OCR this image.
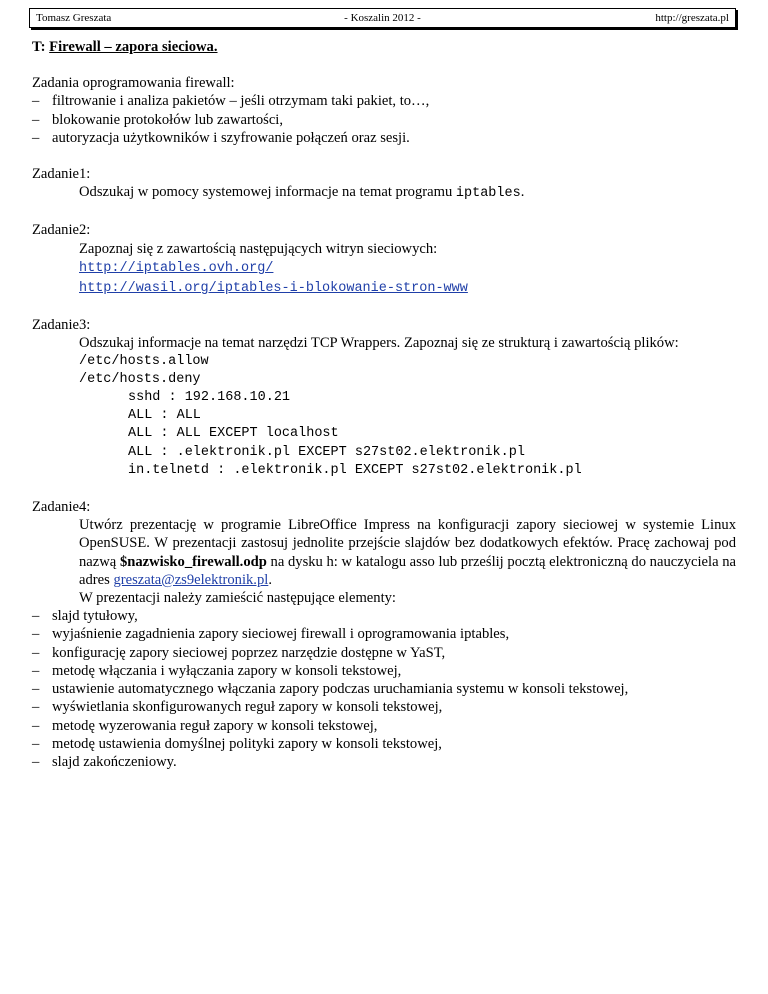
Tomasz Greszata	- Koszalin 2012 -	http://greszata.pl

T: Firewall – zapora sieciowa.

Zadania oprogramowania firewall:

– filtrowanie i analiza pakietów – jeśli otrzymam taki pakiet, to…,
– blokowanie protokołów lub zawartości,
– autoryzacja użytkowników i szyfrowanie połączeń oraz sesji.

Zadanie1:

Odszukaj w pomocy systemowej informacje na temat programu iptables.

Zadanie2:

Zapoznaj się z zawartością następujących witryn sieciowych:

http://iptables.ovh.org/

http://wasil.org/iptables-i-blokowanie-stron-www

Zadanie3:

Odszukaj informacje na temat narzędzi TCP Wrappers. Zapoznaj się ze strukturą i zawartością plików:

/etc/hosts.allow

/etc/hosts.deny

sshd : 192.168.10.21

ALL : ALL

ALL : ALL EXCEPT localhost

ALL : .elektronik.pl EXCEPT s27st02.elektronik.pl

in.telnetd : .elektronik.pl EXCEPT s27st02.elektronik.pl

Zadanie4:

Utwórz prezentację w programie LibreOffice Impress na konfiguracji zapory sieciowej w systemie Linux OpenSUSE. W prezentacji zastosuj jednolite przejście slajdów bez dodatkowych efektów. Pracę zachowaj pod nazwą $nazwisko_firewall.odp na dysku h: w katalogu asso lub prześlij pocztą elektroniczną do nauczyciela na adres greszata@zs9elektronik.pl.

W prezentacji należy zamieścić następujące elementy:

– slajd tytułowy,
– wyjaśnienie zagadnienia zapory sieciowej firewall i oprogramowania iptables,
– konfigurację zapory sieciowej poprzez narzędzie dostępne w YaST,
– metodę włączania i wyłączania zapory w konsoli tekstowej,
– ustawienie automatycznego włączania zapory podczas uruchamiania systemu w konsoli tekstowej,
– wyświetlania skonfigurowanych reguł zapory w konsoli tekstowej,
– metodę wyzerowania reguł zapory w konsoli tekstowej,
– metodę ustawienia domyślnej polityki zapory w konsoli tekstowej,
– slajd zakończeniowy.
